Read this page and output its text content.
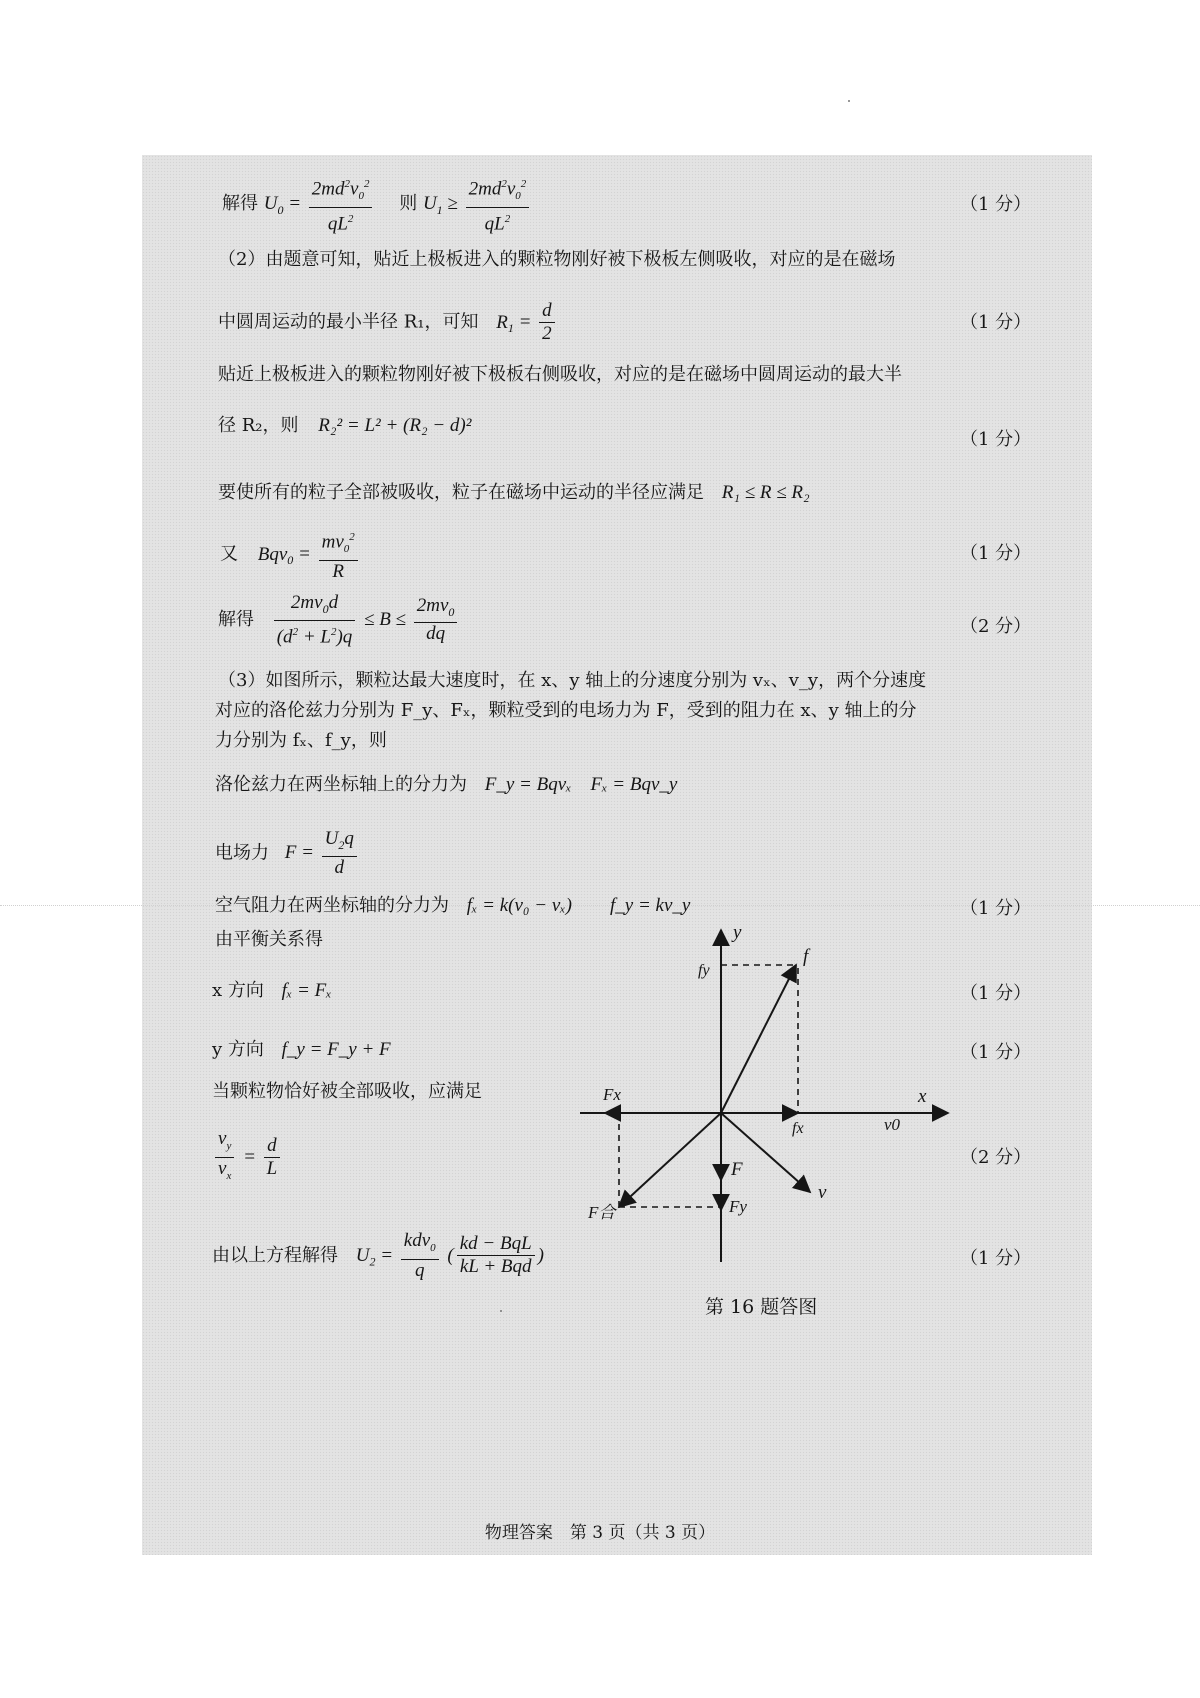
解得 $U_0 = \frac{2md^2v_0^2}{qL^2}$ 　则 $U_1 \ge \frac{2md^2v_0^2}{qL^2}$	（1 分）
（2）由题意可知，贴近上极板进入的颗粒物刚好被下极板左侧吸收，对应的是在磁场
中圆周运动的最小半径 R₁，可知 $R_1 = \frac{d}{2}$	（1 分）
贴近上极板进入的颗粒物刚好被下极板右侧吸收，对应的是在磁场中圆周运动的最大半
径 R₂，则 R₂² = L² + (R₂ − d)²
（1 分）
要使所有的粒子全部被吸收，粒子在磁场中运动的半径应满足 R₁ ≤ R ≤ R₂
又 $Bqv_0 = \frac{mv_0^2}{R}$	（1 分）
解得 $\frac{2mv_0d}{(d^2 + L^2)q} \le B \le \frac{2mv_0}{dq}$	（2 分）
（3）如图所示，颗粒达最大速度时，在 x、y 轴上的分速度分别为 vₓ、v_y，两个分速度
对应的洛伦兹力分别为 F_y、Fₓ，颗粒受到的电场力为 F，受到的阻力在 x、y 轴上的分
力分别为 fₓ、f_y，则
洛伦兹力在两坐标轴上的分力为 F_y = Bqvₓ　Fₓ = Bqv_y
电场力 $F = \frac{U_2q}{d}$
空气阻力在两坐标轴的分力为 fₓ = k(v₀ − vₓ)　　f_y = kv_y	（1 分）
由平衡关系得
x 方向 fₓ = Fₓ	（1 分）
y 方向 f_y = F_y + F	（1 分）
当颗粒物恰好被全部吸收，应满足
$\frac{v_y}{v_x} = \frac{d}{L}$	（2 分）
由以上方程解得 $U_2 = \frac{kdv_0}{q}$ ( $\frac{\text{kd − BqL}}{\text{kL + Bqd}}$ )	（1 分）
y
x
f
fy
fx
Fx
v0
F
Fy
v
F合
第 16 题答图
物理答案　第 3 页（共 3 页）
